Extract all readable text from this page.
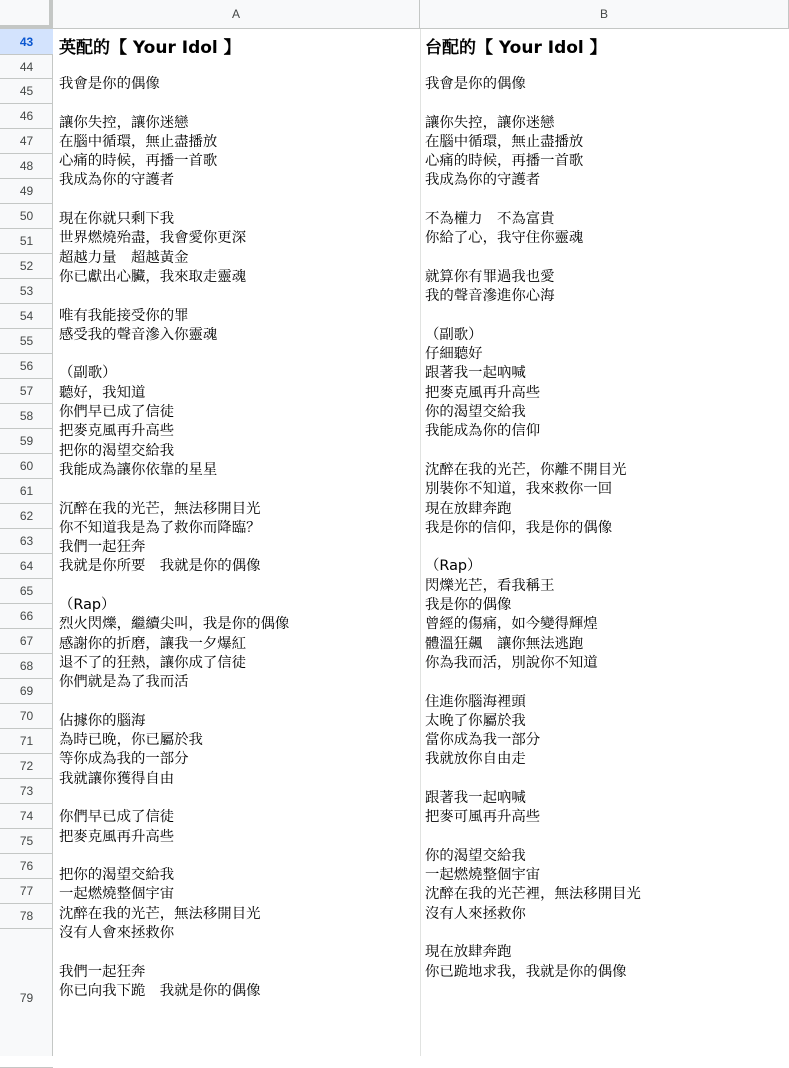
A	B
英配的【 Your Idol 】	台配的【 Your Idol 】
我會是你的偶像

讓你失控，讓你迷戀
在腦中循環，無止盡播放
心痛的時候，再播一首歌
我成為你的守護者

現在你就只剩下我
世界燃燒殆盡，我會愛你更深
超越力量　超越黃金
你已獻出心臟，我來取走靈魂

唯有我能接受你的罪
感受我的聲音滲入你靈魂

（副歌）
聽好，我知道
你們早已成了信徒
把麥克風再升高些
把你的渴望交給我
我能成為讓你依靠的星星

沉醉在我的光芒，無法移開目光
你不知道我是為了救你而降臨？
我們一起狂奔
我就是你所要　我就是你的偶像

（Rap）
烈火閃爍，繼續尖叫，我是你的偶像
感謝你的折磨，讓我一夕爆紅
退不了的狂熱，讓你成了信徒
你們就是為了我而活

佔據你的腦海
為時已晚，你已屬於我
等你成為我的一部分
我就讓你獲得自由

你們早已成了信徒
把麥克風再升高些

把你的渴望交給我
一起燃燒整個宇宙
沈醉在我的光芒，無法移開目光
沒有人會來拯救你

我們一起狂奔
你已向我下跪　我就是你的偶像
我會是你的偶像

讓你失控，讓你迷戀
在腦中循環，無止盡播放
心痛的時候，再播一首歌
我成為你的守護者

不為權力　不為富貴
你給了心，我守住你靈魂

就算你有罪過我也愛
我的聲音滲進你心海

（副歌）
仔細聽好
跟著我一起吶喊
把麥克風再升高些
你的渴望交給我
我能成為你的信仰

沈醉在我的光芒，你離不開目光
別裝你不知道，我來救你一回
現在放肆奔跑
我是你的信仰，我是你的偶像

（Rap）
閃爍光芒，看我稱王
我是你的偶像
曾經的傷痛，如今變得輝煌
體溫狂飆　讓你無法逃跑
你為我而活，別說你不知道

住進你腦海裡頭
太晚了你屬於我
當你成為我一部分
我就放你自由走

跟著我一起吶喊
把麥可風再升高些

你的渴望交給我
一起燃燒整個宇宙
沈醉在我的光芒裡，無法移開目光
沒有人來拯救你

現在放肆奔跑
你已跪地求我，我就是你的偶像
43
44
45
46
47
48
49
50
51
52
53
54
55
56
57
58
59
60
61
62
63
64
65
66
67
68
69
70
71
72
73
74
75
76
77
78
79
